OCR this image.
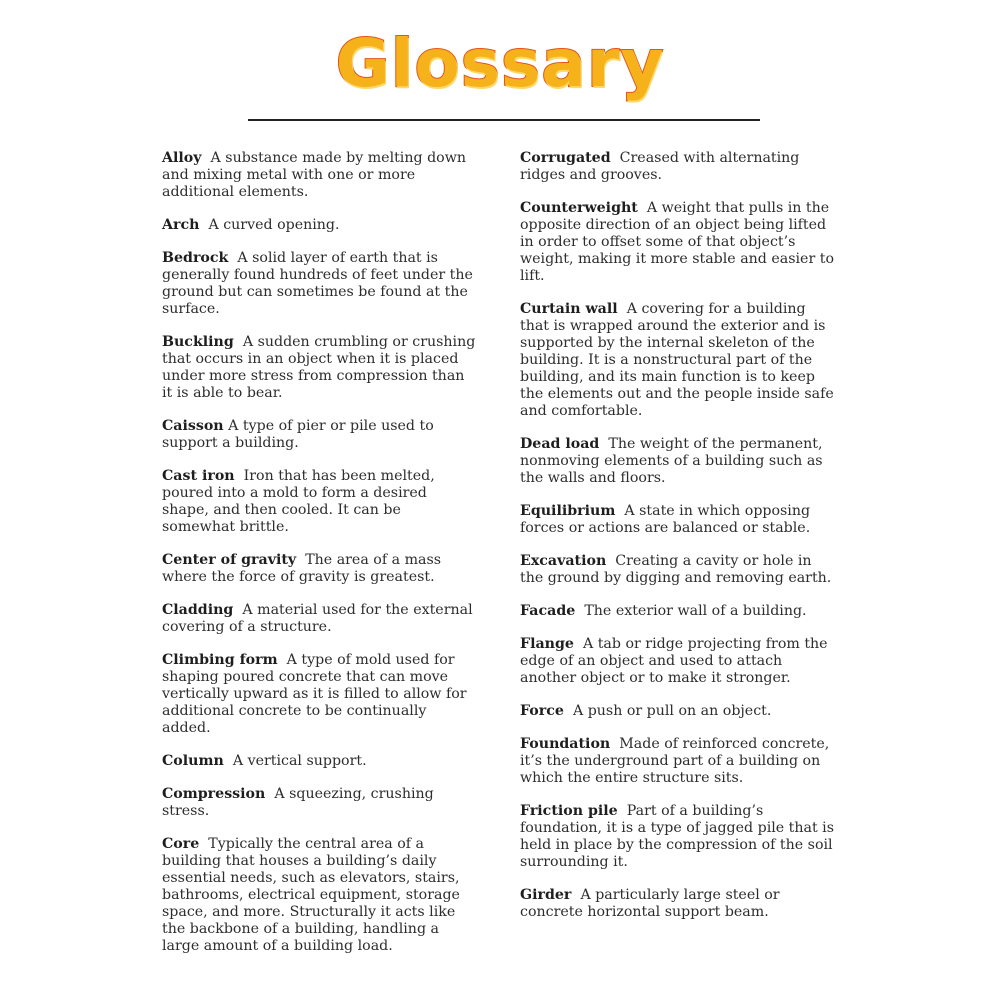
Glossary

Alloy A substance made by melting down and mixing metal with one or more additional elements.

Arch A curved opening.

Bedrock A solid layer of earth that is generally found hundreds of feet under the ground but can sometimes be found at the surface.

Buckling A sudden crumbling or crushing that occurs in an object when it is placed under more stress from compression than it is able to bear.

Caisson A type of pier or pile used to support a building.

Cast iron Iron that has been melted, poured into a mold to form a desired shape, and then cooled. It can be somewhat brittle.

Center of gravity The area of a mass where the force of gravity is greatest.

Cladding A material used for the external covering of a structure.

Climbing form A type of mold used for shaping poured concrete that can move vertically upward as it is filled to allow for additional concrete to be continually added.

Column A vertical support.

Compression A squeezing, crushing stress.

Core Typically the central area of a building that houses a building’s daily essential needs, such as elevators, stairs, bathrooms, electrical equipment, storage space, and more. Structurally it acts like the backbone of a building, handling a large amount of a building load.

Corrugated Creased with alternating ridges and grooves.

Counterweight A weight that pulls in the opposite direction of an object being lifted in order to offset some of that object’s weight, making it more stable and easier to lift.

Curtain wall A covering for a building that is wrapped around the exterior and is supported by the internal skeleton of the building. It is a nonstructural part of the building, and its main function is to keep the elements out and the people inside safe and comfortable.

Dead load The weight of the permanent, nonmoving elements of a building such as the walls and floors.

Equilibrium A state in which opposing forces or actions are balanced or stable.

Excavation Creating a cavity or hole in the ground by digging and removing earth.

Facade The exterior wall of a building.

Flange A tab or ridge projecting from the edge of an object and used to attach another object or to make it stronger.

Force A push or pull on an object.

Foundation Made of reinforced concrete, it’s the underground part of a building on which the entire structure sits.

Friction pile Part of a building’s foundation, it is a type of jagged pile that is held in place by the compression of the soil surrounding it.

Girder A particularly large steel or concrete horizontal support beam.
